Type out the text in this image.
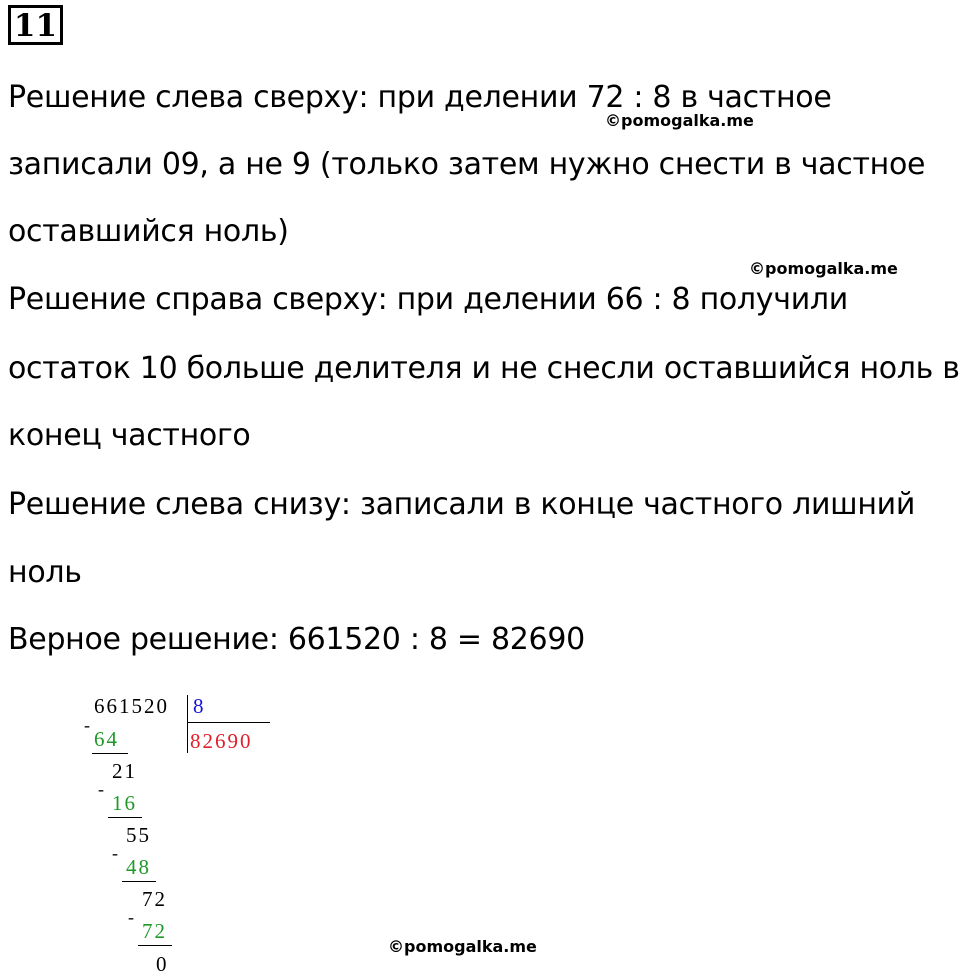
11
Решение слева сверху: при делении 72 : 8 в частное
©pomogalka.me
записали 09, а не 9 (только затем нужно снести в частное
оставшийся ноль)
©pomogalka.me
Решение справа сверху: при делении 66 : 8 получили
остаток 10 больше делителя и не снесли оставшийся ноль в
конец частного
Решение слева снизу: записали в конце частного лишний
ноль
Верное решение: 661520 : 8 = 82690
661520 8
82690
-
64
21
-
16
55
-
48
72
-
72
0
©pomogalka.me
